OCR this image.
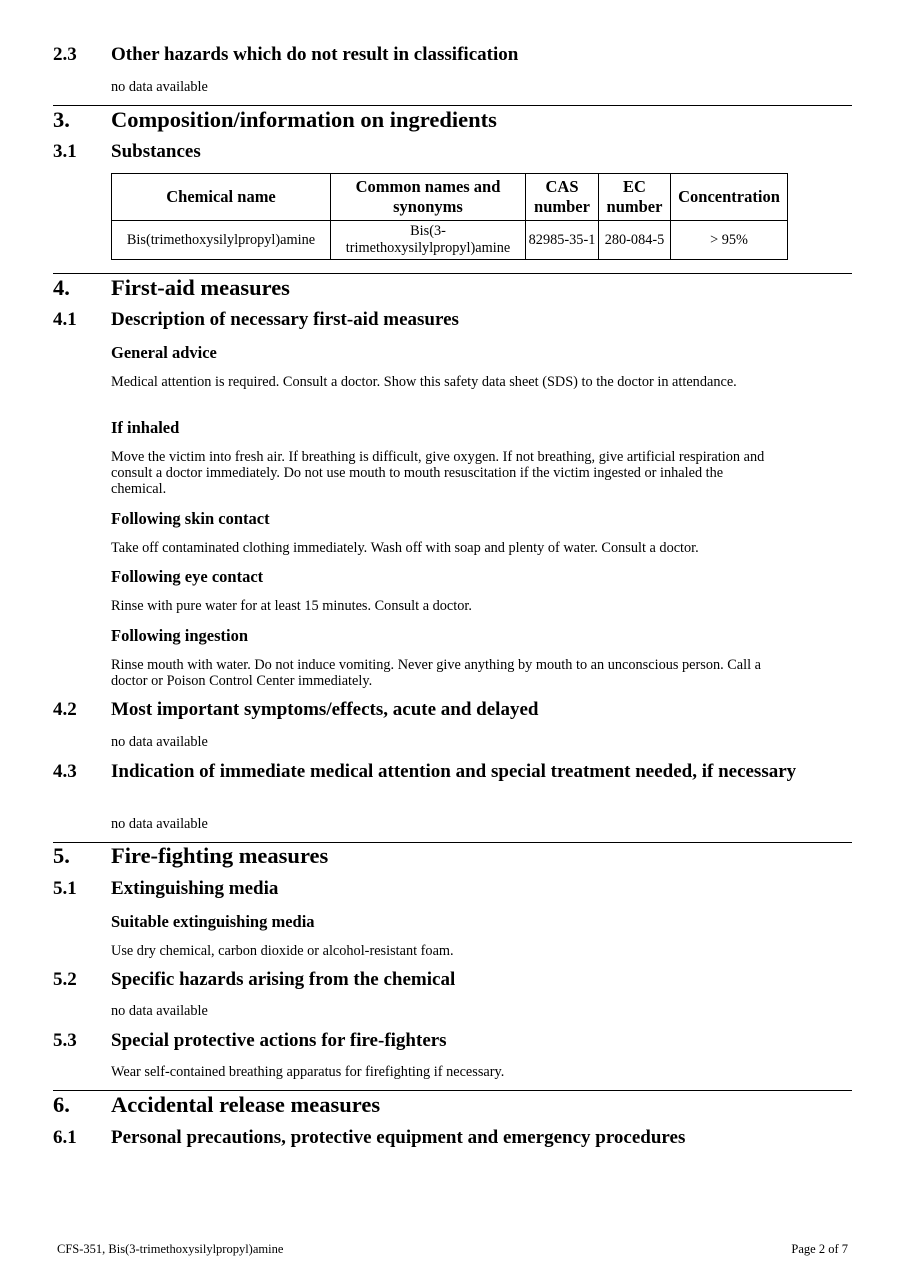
2.3 Other hazards which do not result in classification
no data available
3. Composition/information on ingredients
3.1 Substances
Chemical name	Common names and synonyms	CAS number	EC number	Concentration
Bis(trimethoxysilylpropyl)amine	Bis(3-trimethoxysilylpropyl)amine	82985-35-1	280-084-5	> 95%
4. First-aid measures
4.1 Description of necessary first-aid measures
General advice
Medical attention is required. Consult a doctor. Show this safety data sheet (SDS) to the doctor in attendance.
If inhaled
Move the victim into fresh air. If breathing is difficult, give oxygen. If not breathing, give artificial respiration and consult a doctor immediately. Do not use mouth to mouth resuscitation if the victim ingested or inhaled the chemical.
Following skin contact
Take off contaminated clothing immediately. Wash off with soap and plenty of water. Consult a doctor.
Following eye contact
Rinse with pure water for at least 15 minutes. Consult a doctor.
Following ingestion
Rinse mouth with water. Do not induce vomiting. Never give anything by mouth to an unconscious person. Call a doctor or Poison Control Center immediately.
4.2 Most important symptoms/effects, acute and delayed
no data available
4.3 Indication of immediate medical attention and special treatment needed, if necessary
no data available
5. Fire-fighting measures
5.1 Extinguishing media
Suitable extinguishing media
Use dry chemical, carbon dioxide or alcohol-resistant foam.
5.2 Specific hazards arising from the chemical
no data available
5.3 Special protective actions for fire-fighters
Wear self-contained breathing apparatus for firefighting if necessary.
6. Accidental release measures
6.1 Personal precautions, protective equipment and emergency procedures
CFS-351, Bis(3-trimethoxysilylpropyl)amine	Page 2 of 7
